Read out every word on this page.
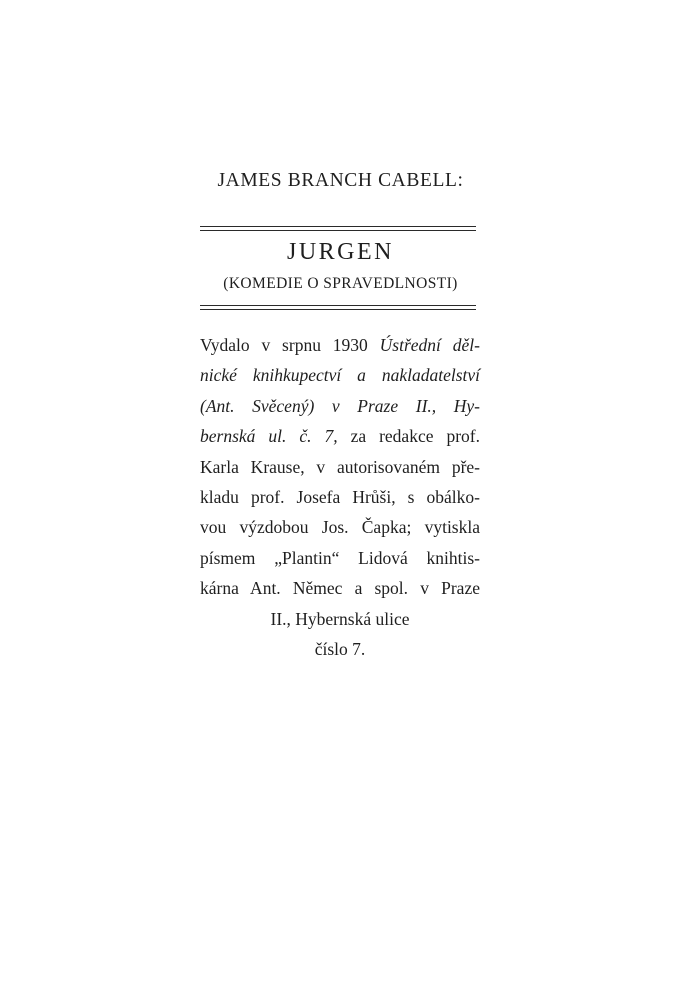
JAMES BRANCH CABELL:
JURGEN
(KOMEDIE O SPRAVEDLNOSTI)
Vydalo v srpnu 1930 Ústřední děl-
nické knihkupectví a nakladatelství
(Ant. Svěcený) v Praze II., Hy-
bernská ul. č. 7, za redakce prof.
Karla Krause, v autorisovaném pře-
kladu prof. Josefa Hrůši, s obálko-
vou výzdobou Jos. Čapka; vytiskla
písmem „Plantin“ Lidová knihtis-
kárna Ant. Němec a spol. v Praze
II., Hybernská ulice
číslo 7.
